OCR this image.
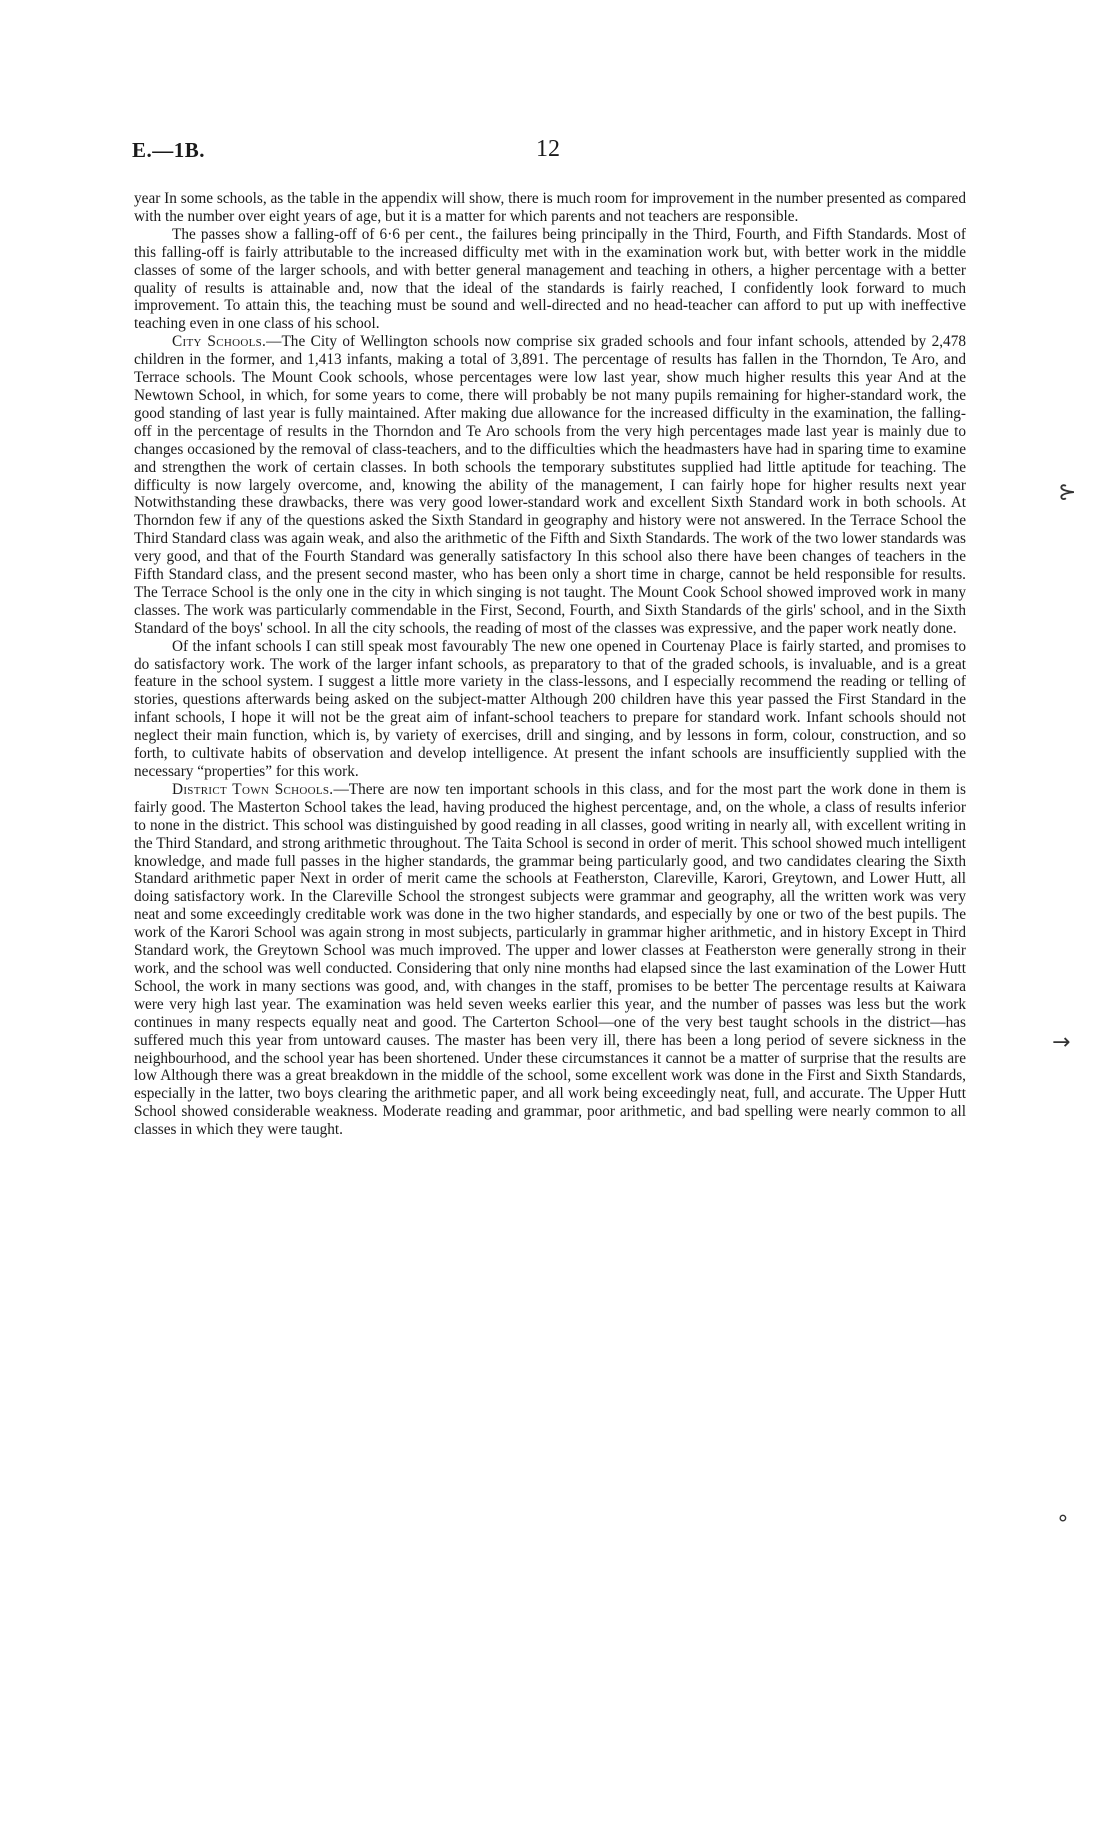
E.—1B.	12

year In some schools, as the table in the appendix will show, there is much room for improvement in the number presented as compared with the number over eight years of age, but it is a matter for which parents and not teachers are responsible.

The passes show a falling-off of 6·6 per cent., the failures being principally in the Third, Fourth, and Fifth Standards. Most of this falling-off is fairly attributable to the increased difficulty met with in the examination work but, with better work in the middle classes of some of the larger schools, and with better general management and teaching in others, a higher percentage with a better quality of results is attainable and, now that the ideal of the standards is fairly reached, I confidently look forward to much improvement. To attain this, the teaching must be sound and well-directed and no head-teacher can afford to put up with ineffective teaching even in one class of his school.

City Schools.—The City of Wellington schools now comprise six graded schools and four infant schools, attended by 2,478 children in the former, and 1,413 infants, making a total of 3,891. The percentage of results has fallen in the Thorndon, Te Aro, and Terrace schools. The Mount Cook schools, whose percentages were low last year, show much higher results this year And at the Newtown School, in which, for some years to come, there will probably be not many pupils remaining for higher-standard work, the good standing of last year is fully maintained. After making due allowance for the increased difficulty in the examination, the falling-off in the percentage of results in the Thorndon and Te Aro schools from the very high percentages made last year is mainly due to changes occasioned by the removal of class-teachers, and to the difficulties which the headmasters have had in sparing time to examine and strengthen the work of certain classes. In both schools the temporary substitutes supplied had little aptitude for teaching. The difficulty is now largely overcome, and, knowing the ability of the management, I can fairly hope for higher results next year Notwithstanding these drawbacks, there was very good lower-standard work and excellent Sixth Standard work in both schools. At Thorndon few if any of the questions asked the Sixth Standard in geography and history were not answered. In the Terrace School the Third Standard class was again weak, and also the arithmetic of the Fifth and Sixth Standards. The work of the two lower standards was very good, and that of the Fourth Standard was generally satisfactory In this school also there have been changes of teachers in the Fifth Standard class, and the present second master, who has been only a short time in charge, cannot be held responsible for results. The Terrace School is the only one in the city in which singing is not taught. The Mount Cook School showed improved work in many classes. The work was particularly commendable in the First, Second, Fourth, and Sixth Standards of the girls' school, and in the Sixth Standard of the boys' school. In all the city schools, the reading of most of the classes was expressive, and the paper work neatly done.

Of the infant schools I can still speak most favourably The new one opened in Courtenay Place is fairly started, and promises to do satisfactory work. The work of the larger infant schools, as preparatory to that of the graded schools, is invaluable, and is a great feature in the school system. I suggest a little more variety in the class-lessons, and I especially recommend the reading or telling of stories, questions afterwards being asked on the subject-matter Although 200 children have this year passed the First Standard in the infant schools, I hope it will not be the great aim of infant-school teachers to prepare for standard work. Infant schools should not neglect their main function, which is, by variety of exercises, drill and singing, and by lessons in form, colour, construction, and so forth, to cultivate habits of observation and develop intelligence. At present the infant schools are insufficiently supplied with the necessary “properties” for this work.

District Town Schools.—There are now ten important schools in this class, and for the most part the work done in them is fairly good. The Masterton School takes the lead, having produced the highest percentage, and, on the whole, a class of results inferior to none in the district. This school was distinguished by good reading in all classes, good writing in nearly all, with excellent writing in the Third Standard, and strong arithmetic throughout. The Taita School is second in order of merit. This school showed much intelligent knowledge, and made full passes in the higher standards, the grammar being particularly good, and two candidates clearing the Sixth Standard arithmetic paper Next in order of merit came the schools at Featherston, Clareville, Karori, Greytown, and Lower Hutt, all doing satisfactory work. In the Clareville School the strongest subjects were grammar and geography, all the written work was very neat and some exceedingly creditable work was done in the two higher standards, and especially by one or two of the best pupils. The work of the Karori School was again strong in most subjects, particularly in grammar higher arithmetic, and in history Except in Third Standard work, the Greytown School was much improved. The upper and lower classes at Featherston were generally strong in their work, and the school was well conducted. Considering that only nine months had elapsed since the last examination of the Lower Hutt School, the work in many sections was good, and, with changes in the staff, promises to be better The percentage results at Kaiwara were very high last year. The examination was held seven weeks earlier this year, and the number of passes was less but the work continues in many respects equally neat and good. The Carterton School—one of the very best taught schools in the district—has suffered much this year from untoward causes. The master has been very ill, there has been a long period of severe sickness in the neighbourhood, and the school year has been shortened. Under these circumstances it cannot be a matter of surprise that the results are low Although there was a great breakdown in the middle of the school, some excellent work was done in the First and Sixth Standards, especially in the latter, two boys clearing the arithmetic paper, and all work being exceedingly neat, full, and accurate. The Upper Hutt School showed considerable weakness. Moderate reading and grammar, poor arithmetic, and bad spelling were nearly common to all classes in which they were taught.

⊱
→
∘
